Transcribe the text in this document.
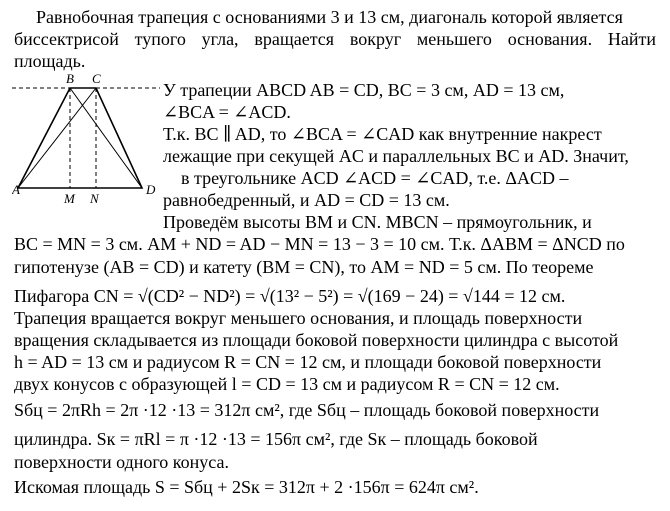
Равнобочная трапеция с основаниями 3 и 13 см, диагональ которой является
биссектрисой тупого угла, вращается вокруг меньшего основания. Найти
площадь.
B C
A	D
M N
У трапеции ABCD AB = CD, BC = 3 см, AD = 13 см,
∠BCA = ∠ACD.
Т.к. BC ∥ AD, то ∠BCA = ∠CAD как внутренние накрест
лежащие при секущей AC и параллельных BC и AD. Значит,
в треугольнике ACD ∠ACD = ∠CAD, т.е. ΔACD –
равнобедренный, и AD = CD = 13 см.
Проведём высоты BM и CN. MBCN – прямоугольник, и
BC = MN = 3 см. AM + ND = AD − MN = 13 − 3 = 10 см. Т.к. ΔABM = ΔNCD по
гипотенузе (AB = CD) и катету (BM = CN), то AM = ND = 5 см. По теореме
Пифагора CN = √(CD² − ND²) = √(13² − 5²) = √(169 − 24) = √144 = 12 см.
Трапеция вращается вокруг меньшего основания, и площадь поверхности
вращения складывается из площади боковой поверхности цилиндра с высотой
h = AD = 13 см и радиусом R = CN = 12 см, и площади боковой поверхности
двух конусов с образующей l = CD = 13 см и радиусом R = CN = 12 см.
Sбц = 2πRh = 2π ·12 ·13 = 312π см², где Sбц – площадь боковой поверхности
цилиндра. Sк = πRl = π ·12 ·13 = 156π см², где Sк – площадь боковой
поверхности одного конуса.
Искомая площадь S = Sбц + 2Sк = 312π + 2 ·156π = 624π см².
